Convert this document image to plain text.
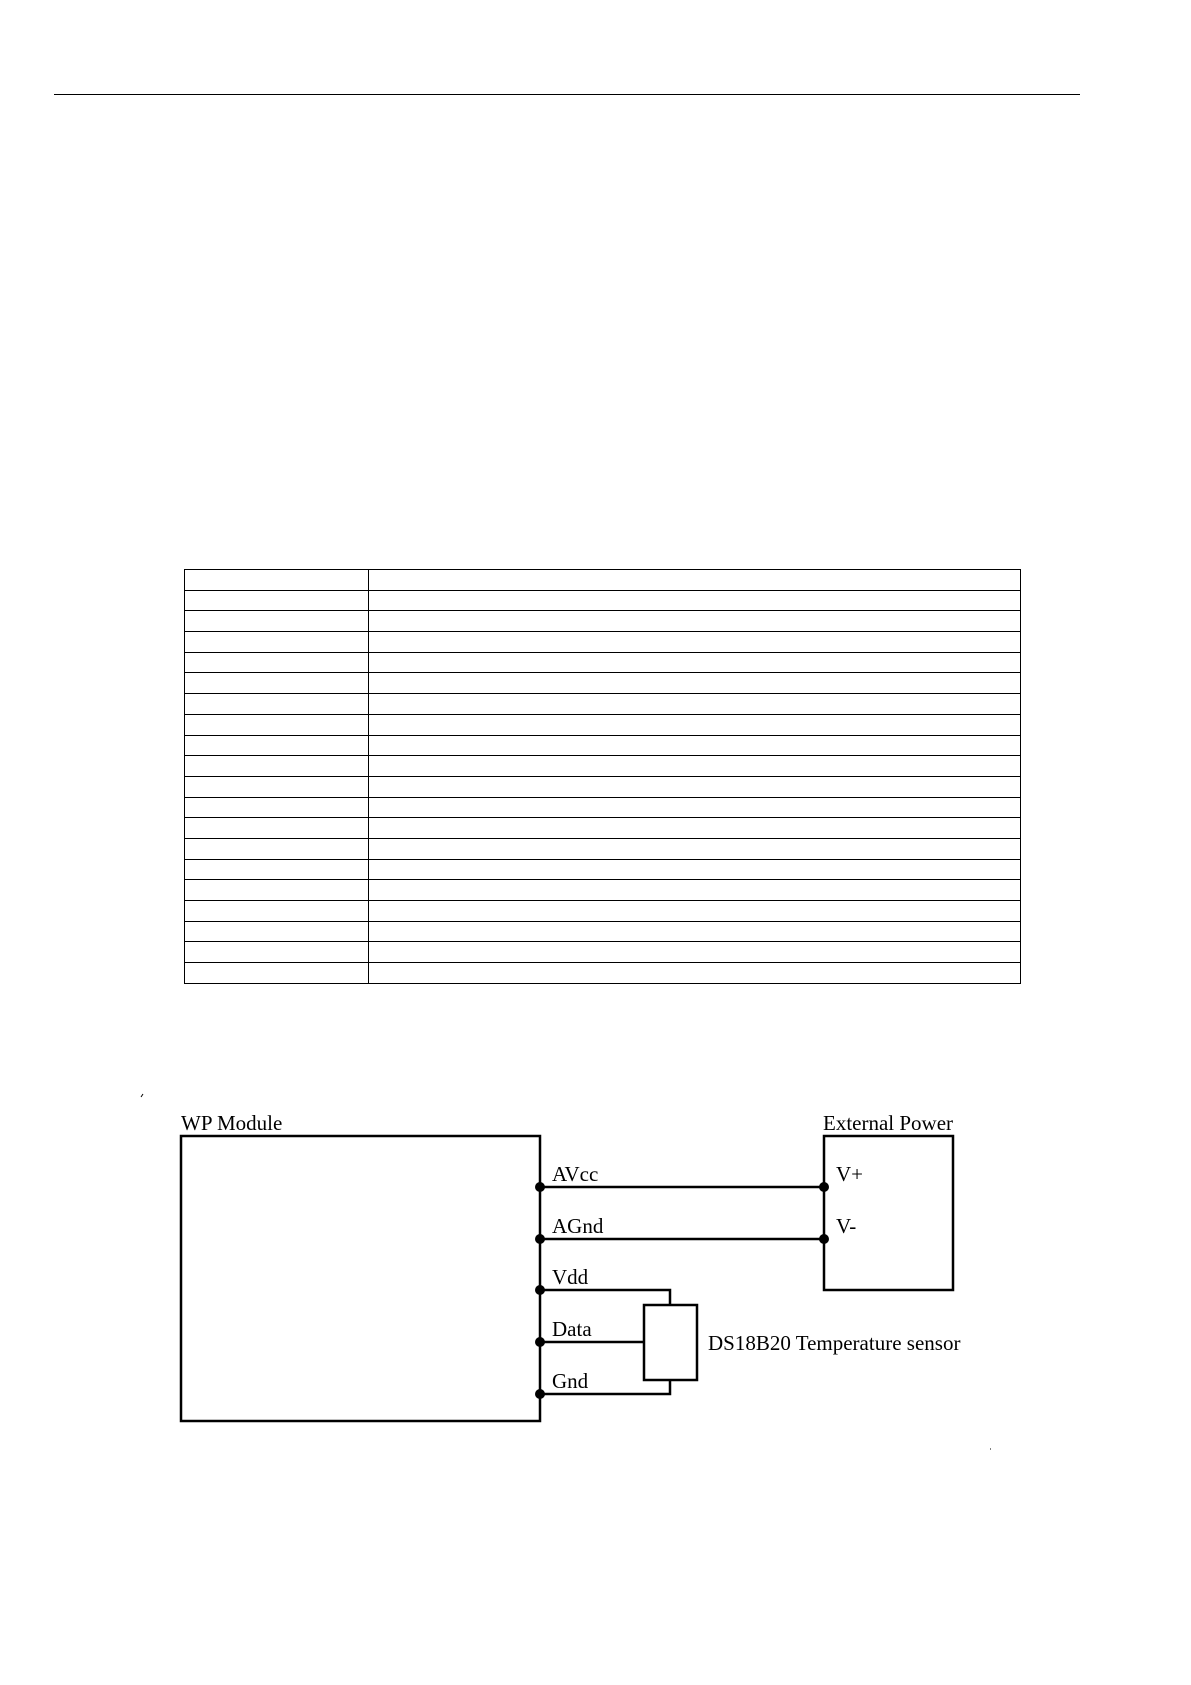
WP Module	External Power
AVcc	V+
AGnd	V-
Vdd
Data
Gnd
DS18B20 Temperature sensor
